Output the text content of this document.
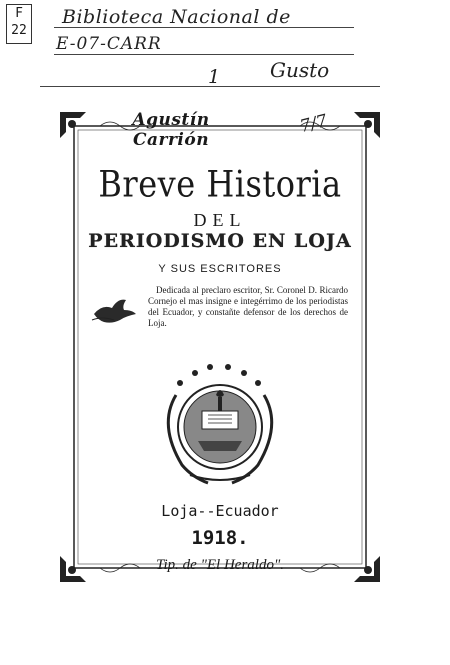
F
22
Biblioteca Nacional de
E-07-CARR
1 Gusto
7/7
Agustín Carrión
Breve Historia
DEL
PERIODISMO EN LOJA
Y SUS ESCRITORES
Dedicada al preclaro escritor, Sr. Coronel D. Ricardo Cornejo el mas insigne e integérrimo de los periodistas del Ecuador, y constañte defensor de los derechos de Loja.
Loja--Ecuador
1918.
Tip. de "El Heraldo".
